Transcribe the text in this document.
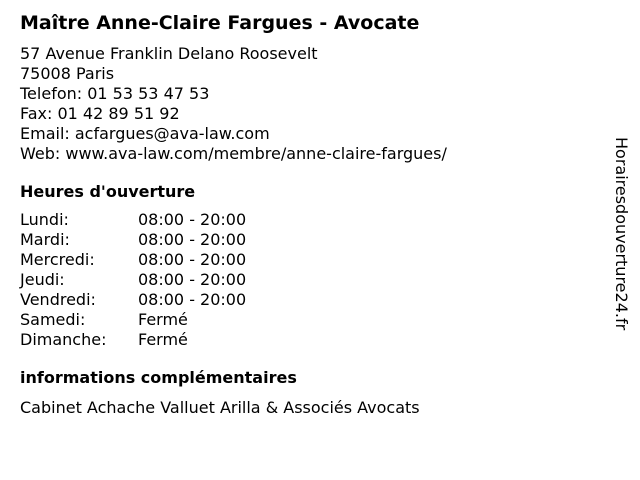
Maître Anne-Claire Fargues - Avocate
57 Avenue Franklin Delano Roosevelt
75008 Paris
Telefon: 01 53 53 47 53
Fax: 01 42 89 51 92
Email: acfargues@ava-law.com
Web: www.ava-law.com/membre/anne-claire-fargues/
Heures d'ouverture
Lundi:	08:00 - 20:00
Mardi:	08:00 - 20:00
Mercredi:	08:00 - 20:00
Jeudi:	08:00 - 20:00
Vendredi:	08:00 - 20:00
Samedi:	Fermé
Dimanche:	Fermé
informations complémentaires
Cabinet Achache Valluet Arilla & Associés Avocats
Horairesdouverture24.fr
